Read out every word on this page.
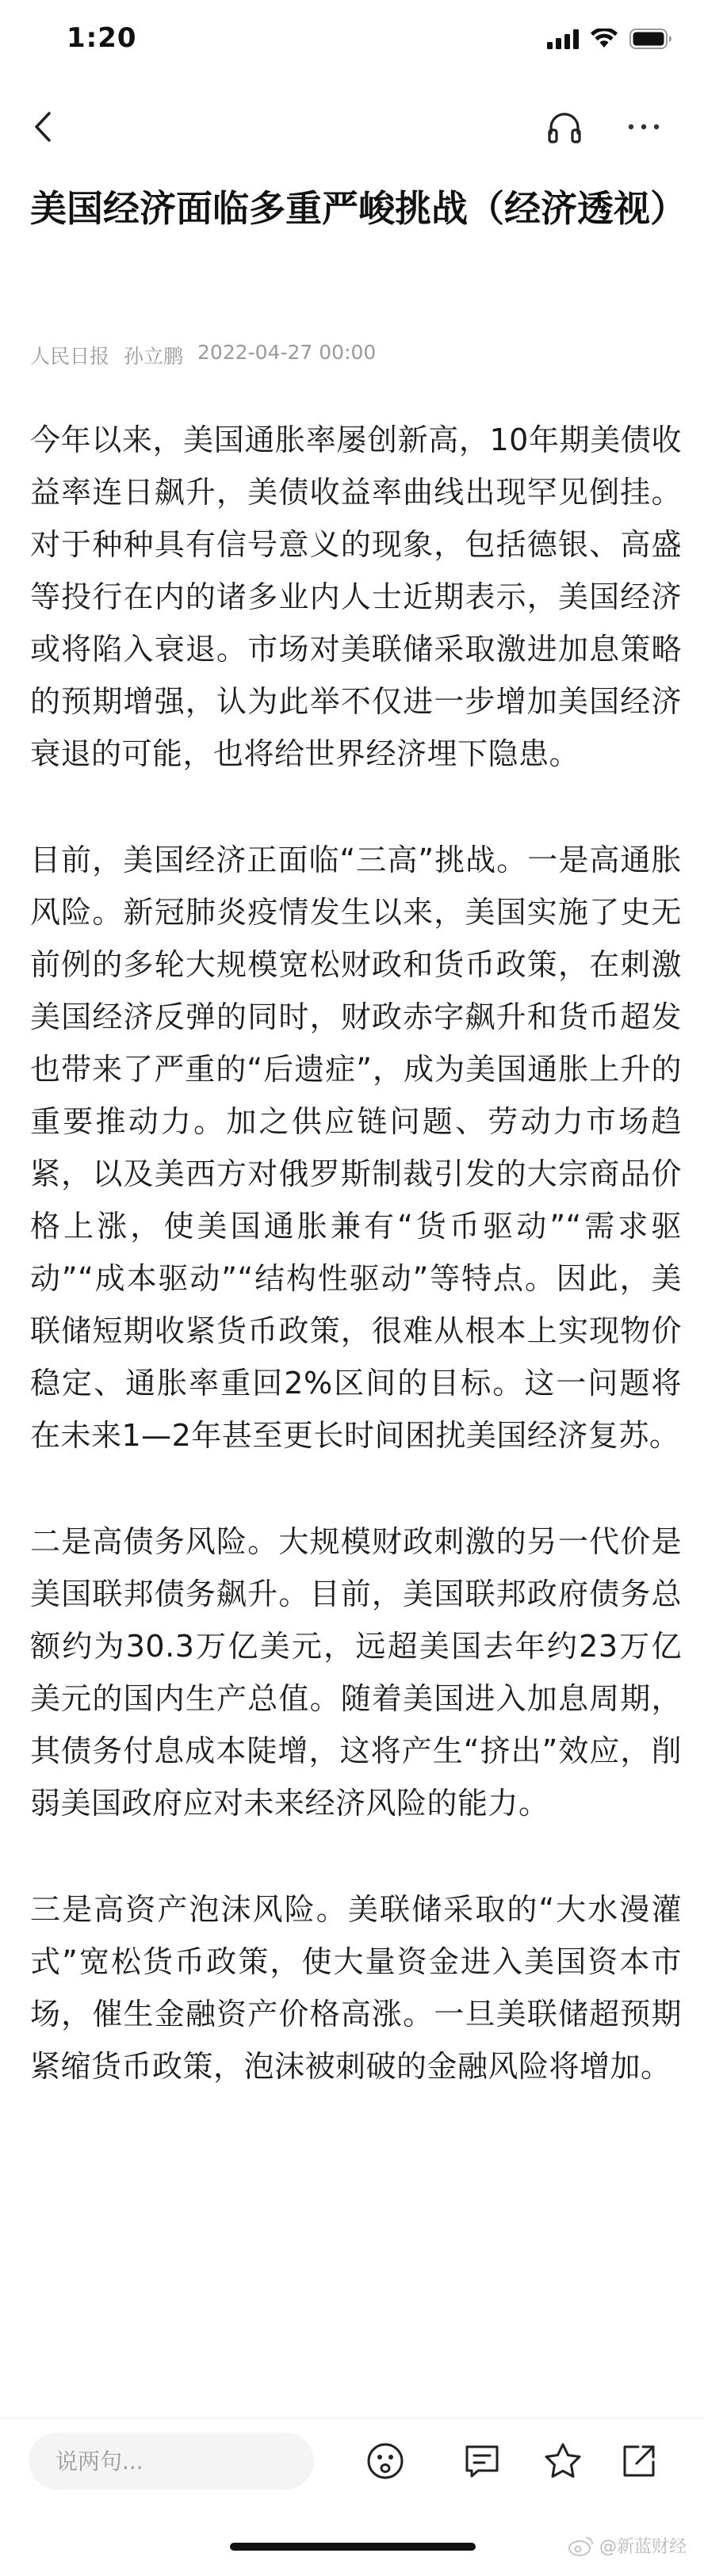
1:20
美国经济面临多重严峻挑战（经济透视）
人民日报 孙立鹏 2022-04-27 00:00

今年以来，美国通胀率屡创新高，10年期美债收益率连日飙升，美债收益率曲线出现罕见倒挂。对于种种具有信号意义的现象，包括德银、高盛等投行在内的诸多业内人士近期表示，美国经济或将陷入衰退。市场对美联储采取激进加息策略的预期增强，认为此举不仅进一步增加美国经济衰退的可能，也将给世界经济埋下隐患。

目前，美国经济正面临“三高”挑战。一是高通胀风险。新冠肺炎疫情发生以来，美国实施了史无前例的多轮大规模宽松财政和货币政策，在刺激美国经济反弹的同时，财政赤字飙升和货币超发也带来了严重的“后遗症”，成为美国通胀上升的重要推动力。加之供应链问题、劳动力市场趋紧，以及美西方对俄罗斯制裁引发的大宗商品价格上涨，使美国通胀兼有“货币驱动”“需求驱动”“成本驱动”“结构性驱动”等特点。因此，美联储短期收紧货币政策，很难从根本上实现物价稳定、通胀率重回2%区间的目标。这一问题将在未来1—2年甚至更长时间困扰美国经济复苏。

二是高债务风险。大规模财政刺激的另一代价是美国联邦债务飙升。目前，美国联邦政府债务总额约为30.3万亿美元，远超美国去年约23万亿美元的国内生产总值。随着美国进入加息周期，其债务付息成本陡增，这将产生“挤出”效应，削弱美国政府应对未来经济风险的能力。

三是高资产泡沫风险。美联储采取的“大水漫灌式”宽松货币政策，使大量资金进入美国资本市场，催生金融资产价格高涨。一旦美联储超预期紧缩货币政策，泡沫被刺破的金融风险将增加。

说两句...
@新蓝财经
